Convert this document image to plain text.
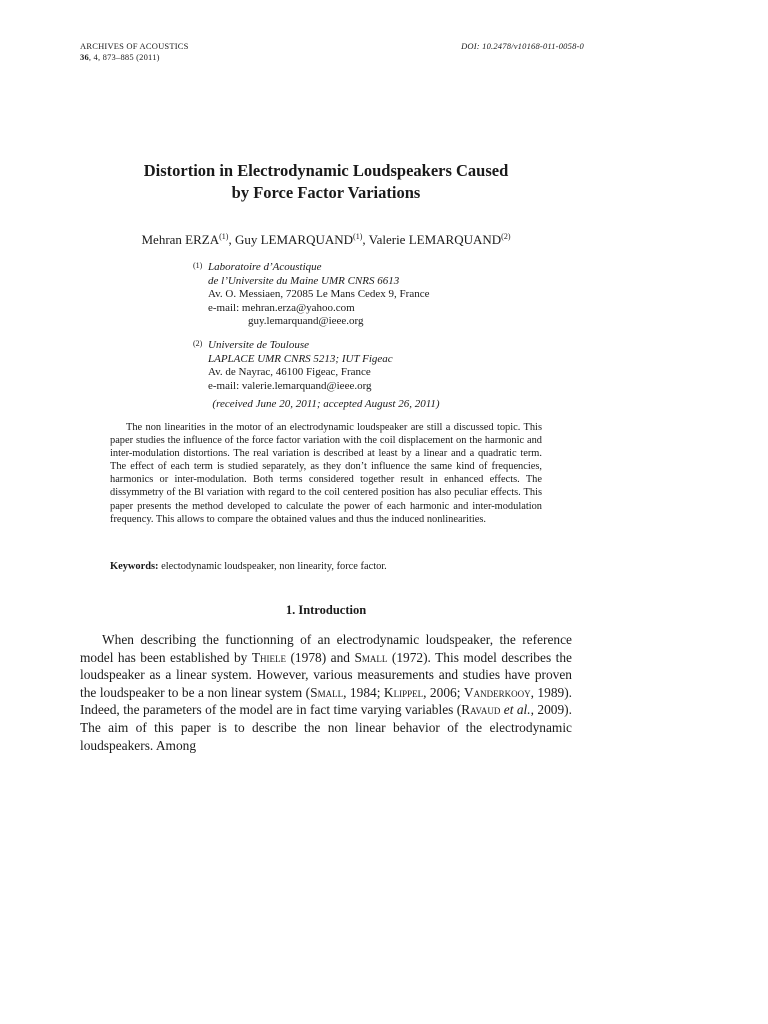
ARCHIVES OF ACOUSTICS
36, 4, 873–885 (2011)
DOI: 10.2478/v10168-011-0058-0
Distortion in Electrodynamic Loudspeakers Caused
by Force Factor Variations
Mehran ERZA$^{(1)}$, Guy LEMARQUAND$^{(1)}$, Valerie LEMARQUAND$^{(2)}$
(1) Laboratoire d’Acoustique
de l’Universite du Maine UMR CNRS 6613
Av. O. Messiaen, 72085 Le Mans Cedex 9, France
e-mail: mehran.erza@yahoo.com
guy.lemarquand@ieee.org
(2) Universite de Toulouse
LAPLACE UMR CNRS 5213; IUT Figeac
Av. de Nayrac, 46100 Figeac, France
e-mail: valerie.lemarquand@ieee.org
(received June 20, 2011; accepted August 26, 2011)

The non linearities in the motor of an electrodynamic loudspeaker are still a discussed topic. This paper studies the influence of the force factor variation with the coil displacement on the harmonic and inter-modulation distortions. The real variation is described at least by a linear and a quadratic term. The effect of each term is studied separately, as they don’t influence the same kind of frequencies, harmonics or inter-modulation. Both terms considered together result in enhanced effects. The dissymmetry of the Bl variation with regard to the coil centered position has also peculiar effects. This paper presents the method developed to calculate the power of each harmonic and inter-modulation frequency. This allows to compare the obtained values and thus the induced nonlinearities.

Keywords: electodynamic loudspeaker, non linearity, force factor.
1. Introduction

When describing the functionning of an electrodynamic loudspeaker, the reference model has been established by Thiele (1978) and Small (1972). This model describes the loudspeaker as a linear system. However, various measurements and studies have proven the loudspeaker to be a non linear system (Small, 1984; Klippel, 2006; Vanderkooy, 1989). Indeed, the parameters of the model are in fact time varying variables (Ravaud et al., 2009). The aim of this paper is to describe the non linear behavior of the electrodynamic loudspeakers. Among
